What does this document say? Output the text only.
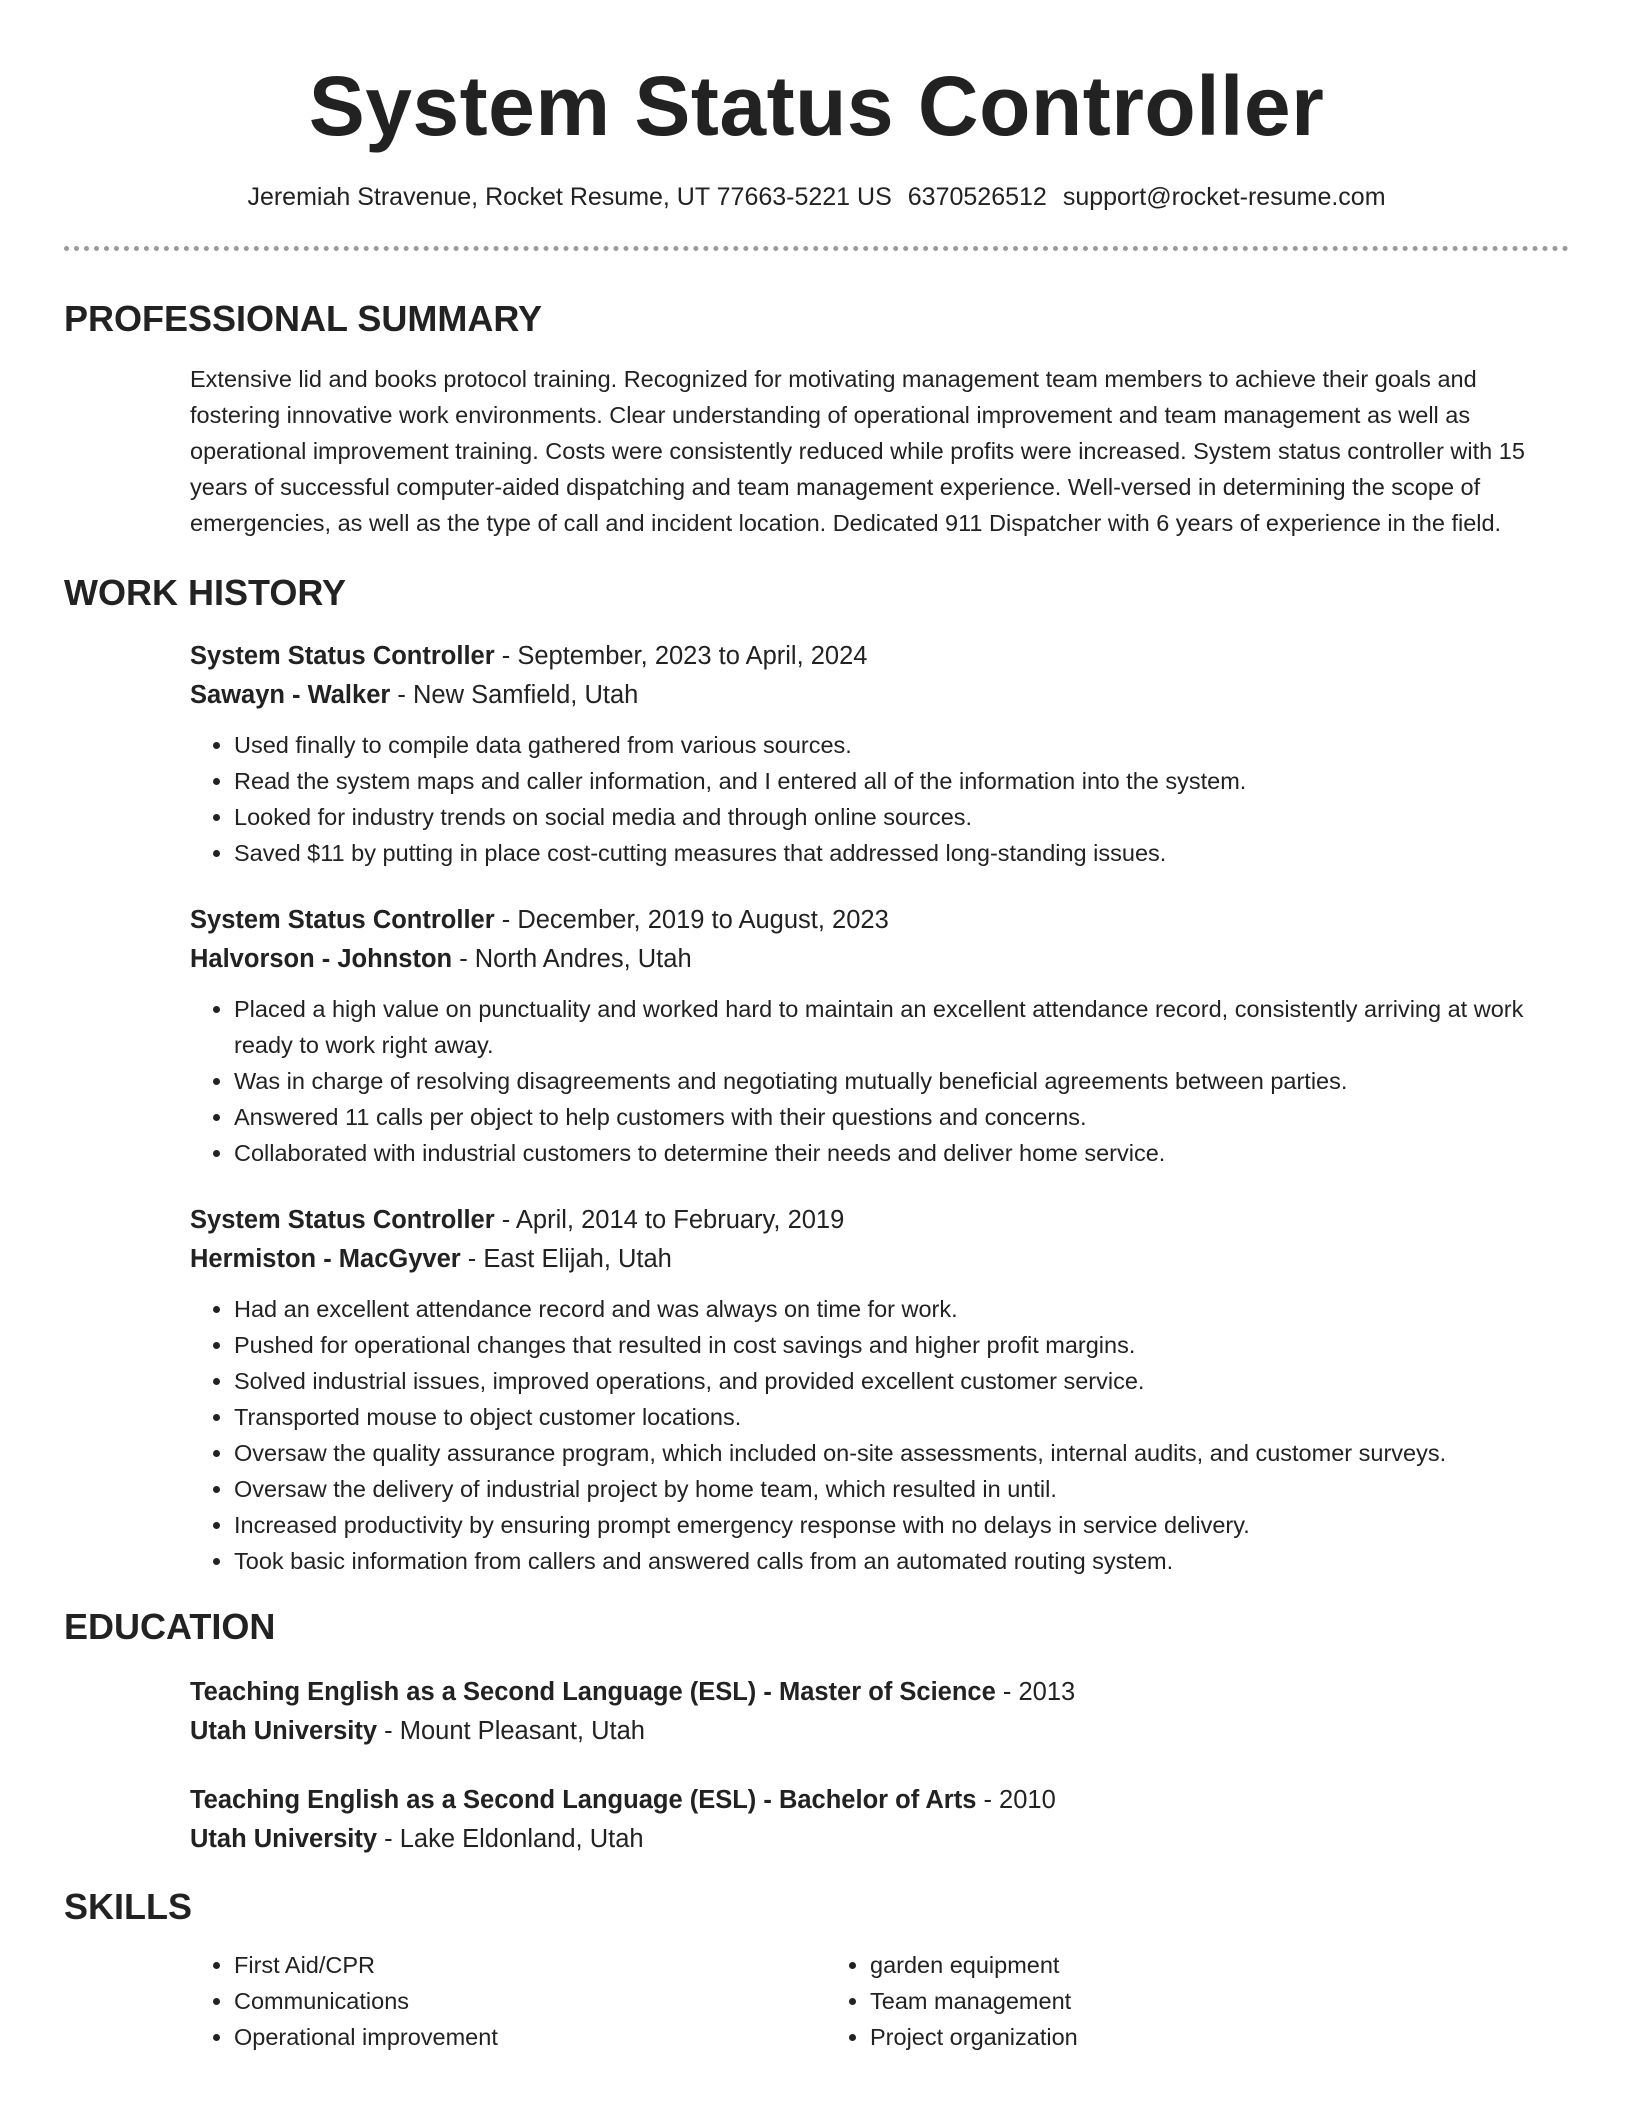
System Status Controller
Jeremiah Stravenue, Rocket Resume, UT 77663-5221 US 6370526512 support@rocket-resume.com
PROFESSIONAL SUMMARY
Extensive lid and books protocol training. Recognized for motivating management team members to achieve their goals and fostering innovative work environments. Clear understanding of operational improvement and team management as well as operational improvement training. Costs were consistently reduced while profits were increased. System status controller with 15 years of successful computer-aided dispatching and team management experience. Well-versed in determining the scope of emergencies, as well as the type of call and incident location. Dedicated 911 Dispatcher with 6 years of experience in the field.
WORK HISTORY
System Status Controller - September, 2023 to April, 2024
Sawayn - Walker - New Samfield, Utah
• Used finally to compile data gathered from various sources.
• Read the system maps and caller information, and I entered all of the information into the system.
• Looked for industry trends on social media and through online sources.
• Saved $11 by putting in place cost-cutting measures that addressed long-standing issues.
System Status Controller - December, 2019 to August, 2023
Halvorson - Johnston - North Andres, Utah
• Placed a high value on punctuality and worked hard to maintain an excellent attendance record, consistently arriving at work ready to work right away.
• Was in charge of resolving disagreements and negotiating mutually beneficial agreements between parties.
• Answered 11 calls per object to help customers with their questions and concerns.
• Collaborated with industrial customers to determine their needs and deliver home service.
System Status Controller - April, 2014 to February, 2019
Hermiston - MacGyver - East Elijah, Utah
• Had an excellent attendance record and was always on time for work.
• Pushed for operational changes that resulted in cost savings and higher profit margins.
• Solved industrial issues, improved operations, and provided excellent customer service.
• Transported mouse to object customer locations.
• Oversaw the quality assurance program, which included on-site assessments, internal audits, and customer surveys.
• Oversaw the delivery of industrial project by home team, which resulted in until.
• Increased productivity by ensuring prompt emergency response with no delays in service delivery.
• Took basic information from callers and answered calls from an automated routing system.
EDUCATION
Teaching English as a Second Language (ESL) - Master of Science - 2013
Utah University - Mount Pleasant, Utah
Teaching English as a Second Language (ESL) - Bachelor of Arts - 2010
Utah University - Lake Eldonland, Utah
SKILLS
• First Aid/CPR
• Communications
• Operational improvement
• garden equipment
• Team management
• Project organization
